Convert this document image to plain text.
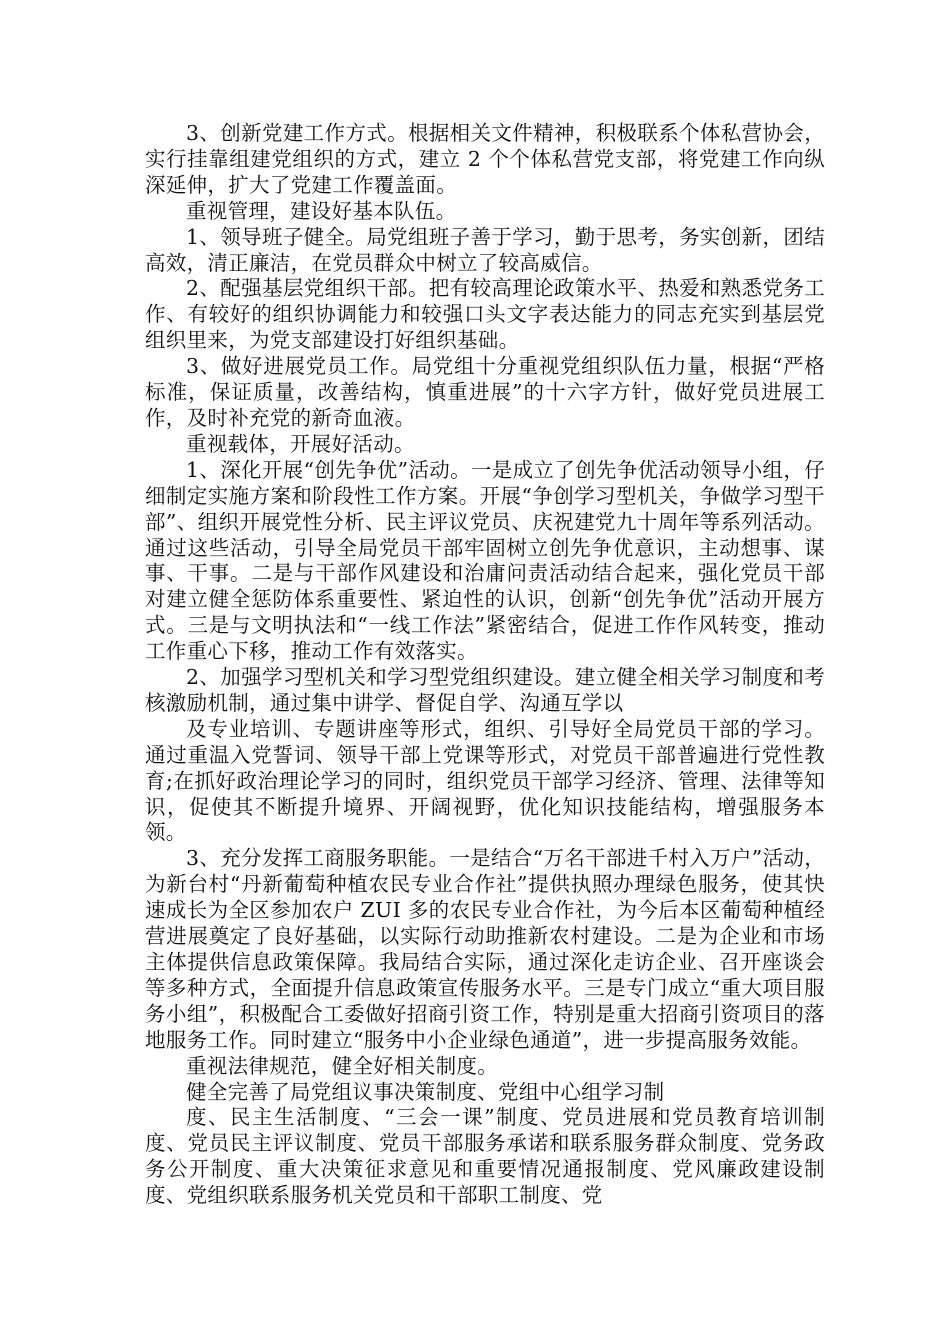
3、创新党建工作方式。根据相关文件精神，积极联系个体私营协会，实行挂靠组建党组织的方式，建立 2 个个体私营党支部，将党建工作向纵深延伸，扩大了党建工作覆盖面。

重视管理，建设好基本队伍。

1、领导班子健全。局党组班子善于学习，勤于思考，务实创新，团结高效，清正廉洁，在党员群众中树立了较高威信。

2、配强基层党组织干部。把有较高理论政策水平、热爱和熟悉党务工作、有较好的组织协调能力和较强口头文字表达能力的同志充实到基层党组织里来，为党支部建设打好组织基础。

3、做好进展党员工作。局党组十分重视党组织队伍力量，根据“严格标准，保证质量，改善结构，慎重进展”的十六字方针，做好党员进展工作，及时补充党的新奇血液。

重视载体，开展好活动。

1、深化开展“创先争优”活动。一是成立了创先争优活动领导小组，仔细制定实施方案和阶段性工作方案。开展“争创学习型机关，争做学习型干部”、组织开展党性分析、民主评议党员、庆祝建党九十周年等系列活动。通过这些活动，引导全局党员干部牢固树立创先争优意识，主动想事、谋事、干事。二是与干部作风建设和治庸问责活动结合起来，强化党员干部对建立健全惩防体系重要性、紧迫性的认识，创新“创先争优”活动开展方式。三是与文明执法和“一线工作法”紧密结合，促进工作作风转变，推动工作重心下移，推动工作有效落实。

2、加强学习型机关和学习型党组织建设。建立健全相关学习制度和考核激励机制，通过集中讲学、督促自学、沟通互学以

及专业培训、专题讲座等形式，组织、引导好全局党员干部的学习。通过重温入党誓词、领导干部上党课等形式，对党员干部普遍进行党性教育;在抓好政治理论学习的同时，组织党员干部学习经济、管理、法律等知识，促使其不断提升境界、开阔视野，优化知识技能结构，增强服务本领。

3、充分发挥工商服务职能。一是结合“万名干部进千村入万户”活动，为新台村“丹新葡萄种植农民专业合作社”提供执照办理绿色服务，使其快速成长为全区参加农户 ZUI 多的农民专业合作社，为今后本区葡萄种植经营进展奠定了良好基础，以实际行动助推新农村建设。二是为企业和市场主体提供信息政策保障。我局结合实际，通过深化走访企业、召开座谈会等多种方式，全面提升信息政策宣传服务水平。三是专门成立“重大项目服务小组”，积极配合工委做好招商引资工作，特别是重大招商引资项目的落地服务工作。同时建立“服务中小企业绿色通道”，进一步提高服务效能。

重视法律规范，健全好相关制度。

健全完善了局党组议事决策制度、党组中心组学习制

度、民主生活制度、“三会一课”制度、党员进展和党员教育培训制度、党员民主评议制度、党员干部服务承诺和联系服务群众制度、党务政务公开制度、重大决策征求意见和重要情况通报制度、党风廉政建设制度、党组织联系服务机关党员和干部职工制度、党
